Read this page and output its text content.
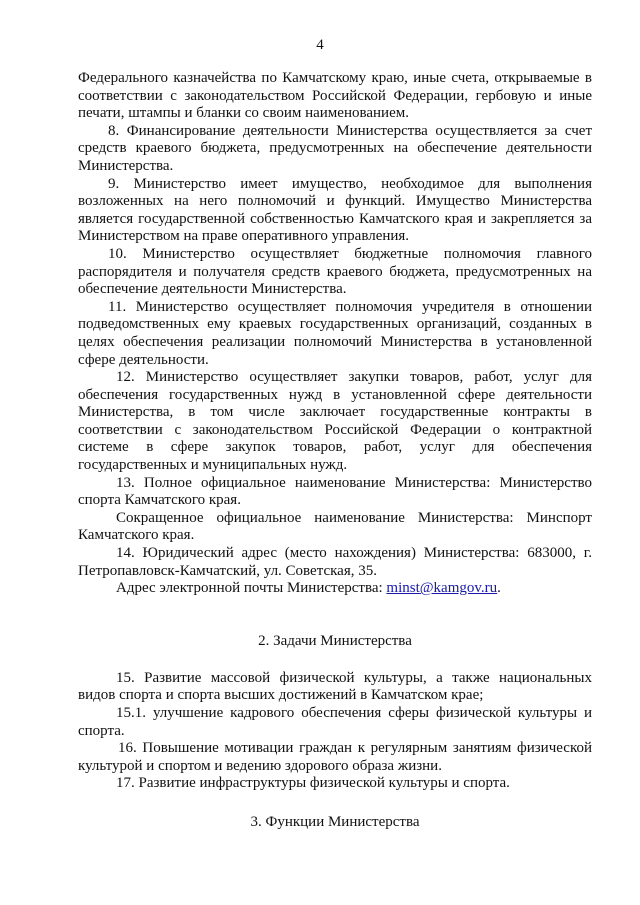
4

Федерального казначейства по Камчатскому краю, иные счета, открываемые в соответствии с законодательством Российской Федерации, гербовую и иные печати, штампы и бланки со своим наименованием.

8. Финансирование деятельности Министерства осуществляется за счет средств краевого бюджета, предусмотренных на обеспечение деятельности Министерства.

9. Министерство имеет имущество, необходимое для выполнения возложенных на него полномочий и функций. Имущество Министерства является государственной собственностью Камчатского края и закрепляется за Министерством на праве оперативного управления.

10. Министерство осуществляет бюджетные полномочия главного распорядителя и получателя средств краевого бюджета, предусмотренных на обеспечение деятельности Министерства.

11. Министерство осуществляет полномочия учредителя в отношении подведомственных ему краевых государственных организаций, созданных в целях обеспечения реализации полномочий Министерства в установленной сфере деятельности.

12. Министерство осуществляет закупки товаров, работ, услуг для обеспечения государственных нужд в установленной сфере деятельности Министерства, в том числе заключает государственные контракты в соответствии с законодательством Российской Федерации о контрактной системе в сфере закупок товаров, работ, услуг для обеспечения государственных и муниципальных нужд.

13. Полное официальное наименование Министерства: Министерство спорта Камчатского края.

Сокращенное официальное наименование Министерства: Минспорт Камчатского края.

14. Юридический адрес (место нахождения) Министерства: 683000, г. Петропавловск-Камчатский, ул. Советская, 35.

Адрес электронной почты Министерства: minst@kamgov.ru.

2. Задачи Министерства

15. Развитие массовой физической культуры, а также национальных видов спорта и спорта высших достижений в Камчатском крае;

15.1. улучшение кадрового обеспечения сферы физической культуры и спорта.

16. Повышение мотивации граждан к регулярным занятиям физической культурой и спортом и ведению здорового образа жизни.

17. Развитие инфраструктуры физической культуры и спорта.

3. Функции Министерства
